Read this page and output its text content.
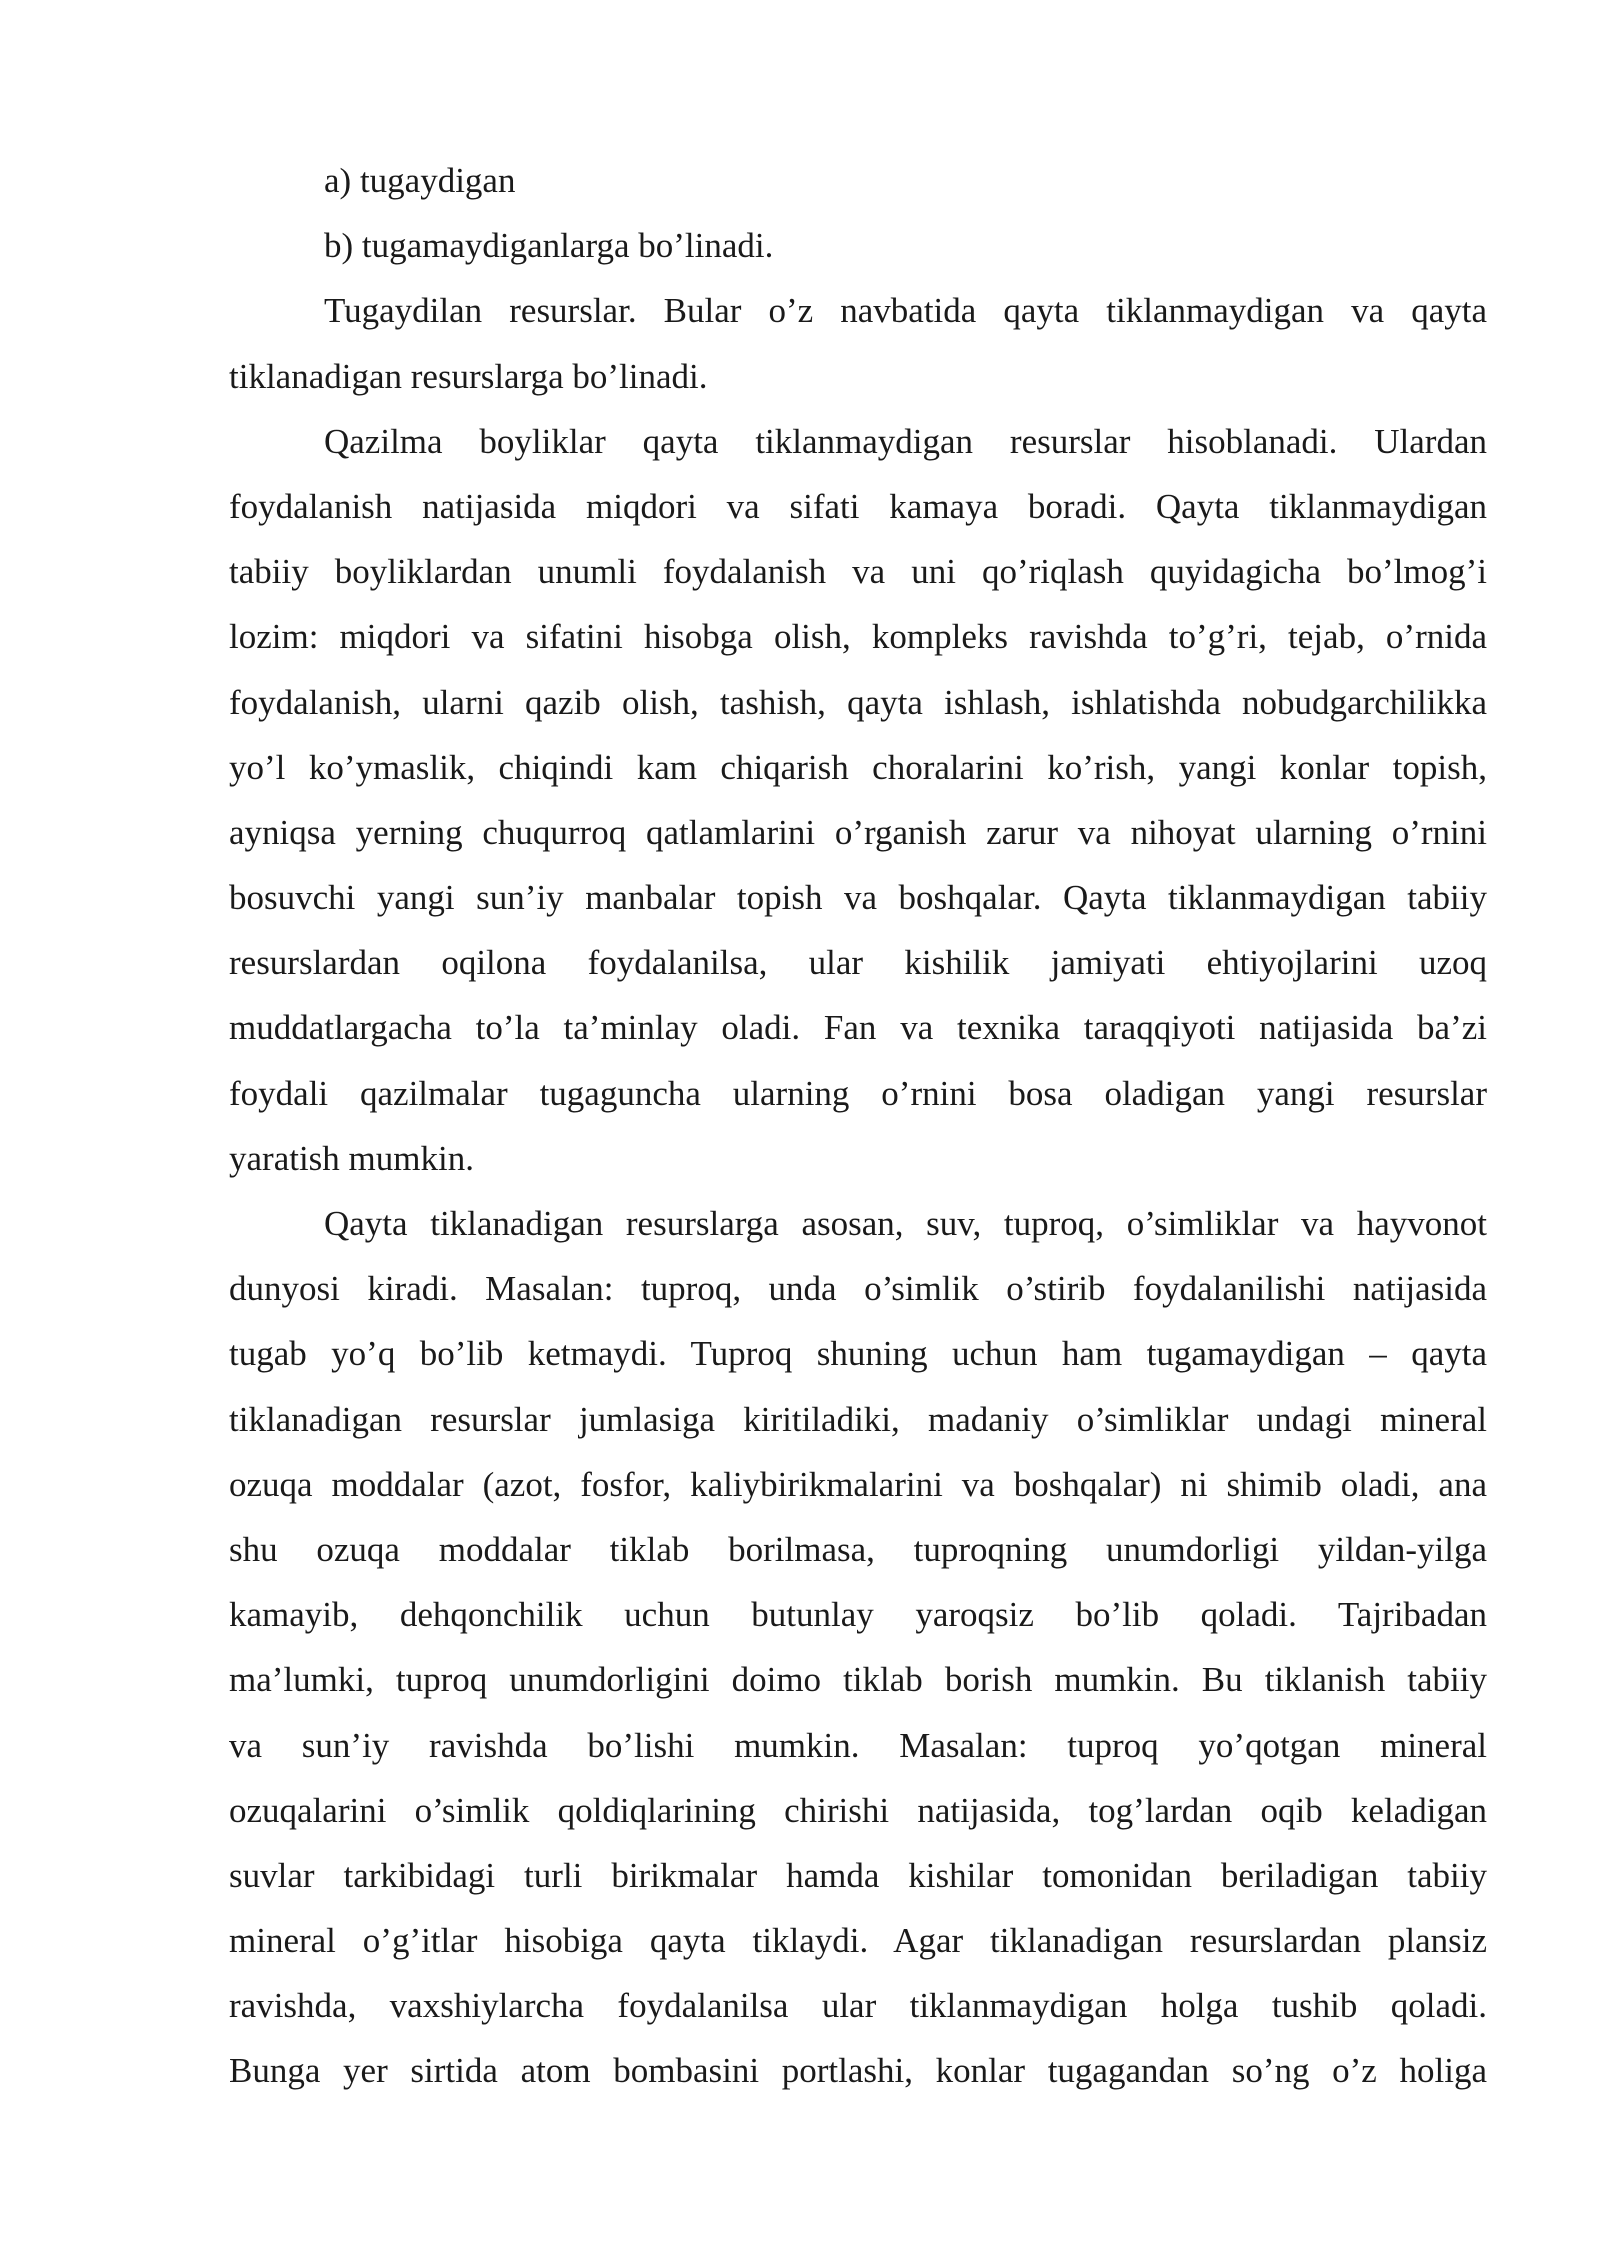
a) tugaydigan
b) tugamaydiganlarga bo’linadi.
Tugaydilan resurslar. Bular o’z navbatida qayta tiklanmaydigan va qayta
tiklanadigan resurslarga bo’linadi.
Qazilma boyliklar qayta tiklanmaydigan resurslar hisoblanadi. Ulardan
foydalanish natijasida miqdori va sifati kamaya boradi. Qayta tiklanmaydigan
tabiiy boyliklardan unumli foydalanish va uni qo’riqlash quyidagicha bo’lmog’i
lozim: miqdori va sifatini hisobga olish, kompleks ravishda to’g’ri, tejab, o’rnida
foydalanish, ularni qazib olish, tashish, qayta ishlash, ishlatishda nobudgarchilikka
yo’l ko’ymaslik, chiqindi kam chiqarish choralarini ko’rish, yangi konlar topish,
ayniqsa yerning chuqurroq qatlamlarini o’rganish zarur va nihoyat ularning o’rnini
bosuvchi yangi sun’iy manbalar topish va boshqalar. Qayta tiklanmaydigan tabiiy
resurslardan oqilona foydalanilsa, ular kishilik jamiyati ehtiyojlarini uzoq
muddatlargacha to’la ta’minlay oladi. Fan va texnika taraqqiyoti natijasida ba’zi
foydali qazilmalar tugaguncha ularning o’rnini bosa oladigan yangi resurslar
yaratish mumkin.
Qayta tiklanadigan resurslarga asosan, suv, tuproq, o’simliklar va hayvonot
dunyosi kiradi. Masalan: tuproq, unda o’simlik o’stirib foydalanilishi natijasida
tugab yo’q bo’lib ketmaydi. Tuproq shuning uchun ham tugamaydigan – qayta
tiklanadigan resurslar jumlasiga kiritiladiki, madaniy o’simliklar undagi mineral
ozuqa moddalar (azot, fosfor, kaliybirikmalarini va boshqalar) ni shimib oladi, ana
shu ozuqa moddalar tiklab borilmasa, tuproqning unumdorligi yildan-yilga
kamayib, dehqonchilik uchun butunlay yaroqsiz bo’lib qoladi. Tajribadan
ma’lumki, tuproq unumdorligini doimo tiklab borish mumkin. Bu tiklanish tabiiy
va sun’iy ravishda bo’lishi mumkin. Masalan: tuproq yo’qotgan mineral
ozuqalarini o’simlik qoldiqlarining chirishi natijasida, tog’lardan oqib keladigan
suvlar tarkibidagi turli birikmalar hamda kishilar tomonidan beriladigan tabiiy
mineral o’g’itlar hisobiga qayta tiklaydi. Agar tiklanadigan resurslardan plansiz
ravishda, vaxshiylarcha foydalanilsa ular tiklanmaydigan holga tushib qoladi.
Bunga yer sirtida atom bombasini portlashi, konlar tugagandan so’ng o’z holiga
